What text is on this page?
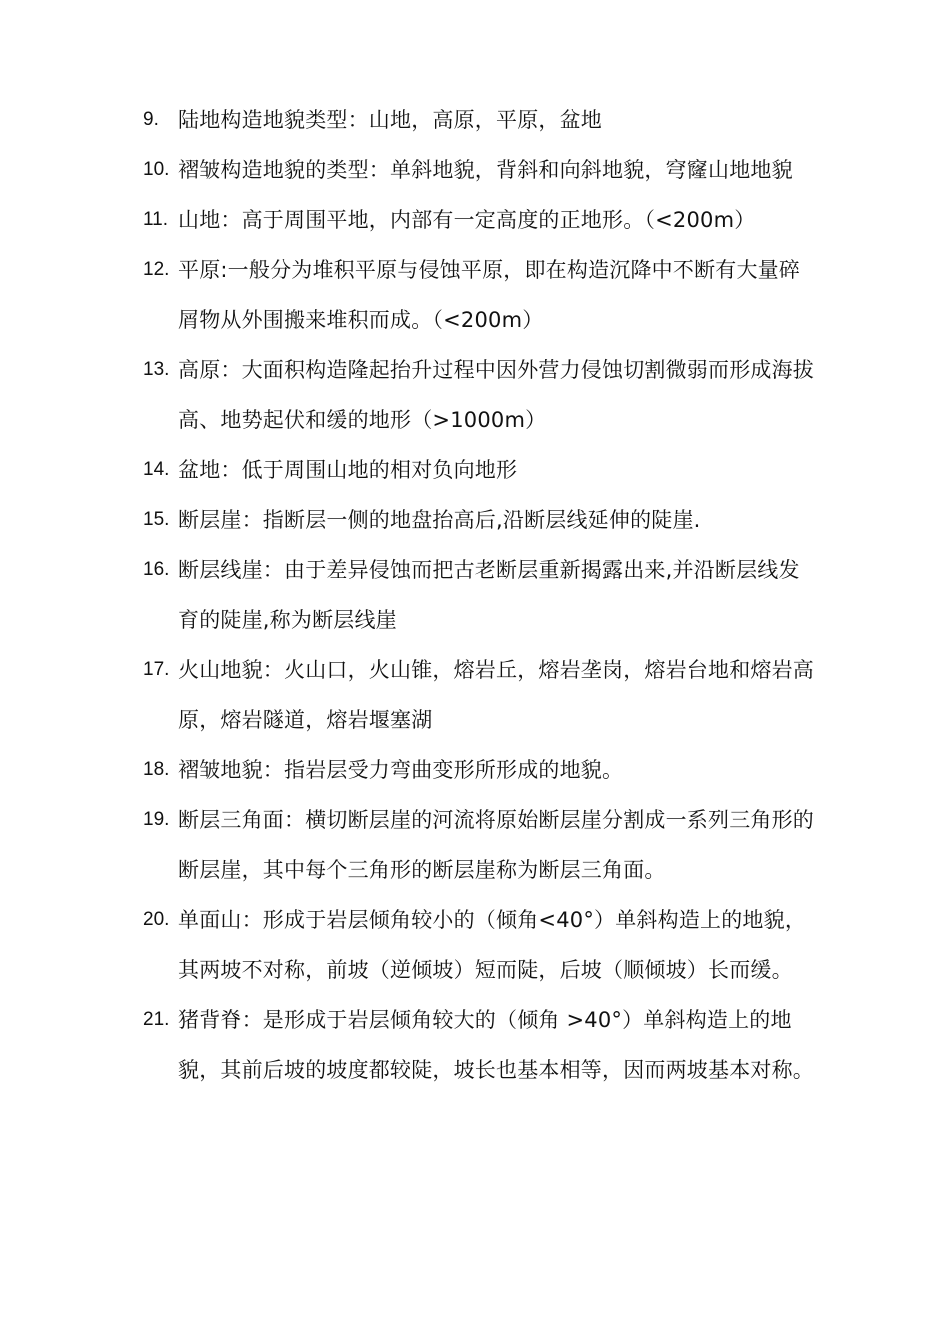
9. 陆地构造地貌类型：山地，高原，平原，盆地
10. 褶皱构造地貌的类型：单斜地貌，背斜和向斜地貌，穹窿山地地貌
11. 山地：高于周围平地，内部有一定高度的正地形。（<200m）
12. 平原:一般分为堆积平原与侵蚀平原，即在构造沉降中不断有大量碎屑物从外围搬来堆积而成。（<200m）
13. 高原：大面积构造隆起抬升过程中因外营力侵蚀切割微弱而形成海拔高、地势起伏和缓的地形（>1000m）
14. 盆地：低于周围山地的相对负向地形
15. 断层崖：指断层一侧的地盘抬高后,沿断层线延伸的陡崖.
16. 断层线崖：由于差异侵蚀而把古老断层重新揭露出来,并沿断层线发育的陡崖,称为断层线崖
17. 火山地貌：火山口，火山锥，熔岩丘，熔岩垄岗，熔岩台地和熔岩高原，熔岩隧道，熔岩堰塞湖
18. 褶皱地貌：指岩层受力弯曲变形所形成的地貌。
19. 断层三角面：横切断层崖的河流将原始断层崖分割成一系列三角形的断层崖，其中每个三角形的断层崖称为断层三角面。
20. 单面山：形成于岩层倾角较小的（倾角<40°）单斜构造上的地貌，其两坡不对称，前坡（逆倾坡）短而陡，后坡（顺倾坡）长而缓。
21. 猪背脊：是形成于岩层倾角较大的（倾角 >40°）单斜构造上的地貌，其前后坡的坡度都较陡，坡长也基本相等，因而两坡基本对称。
